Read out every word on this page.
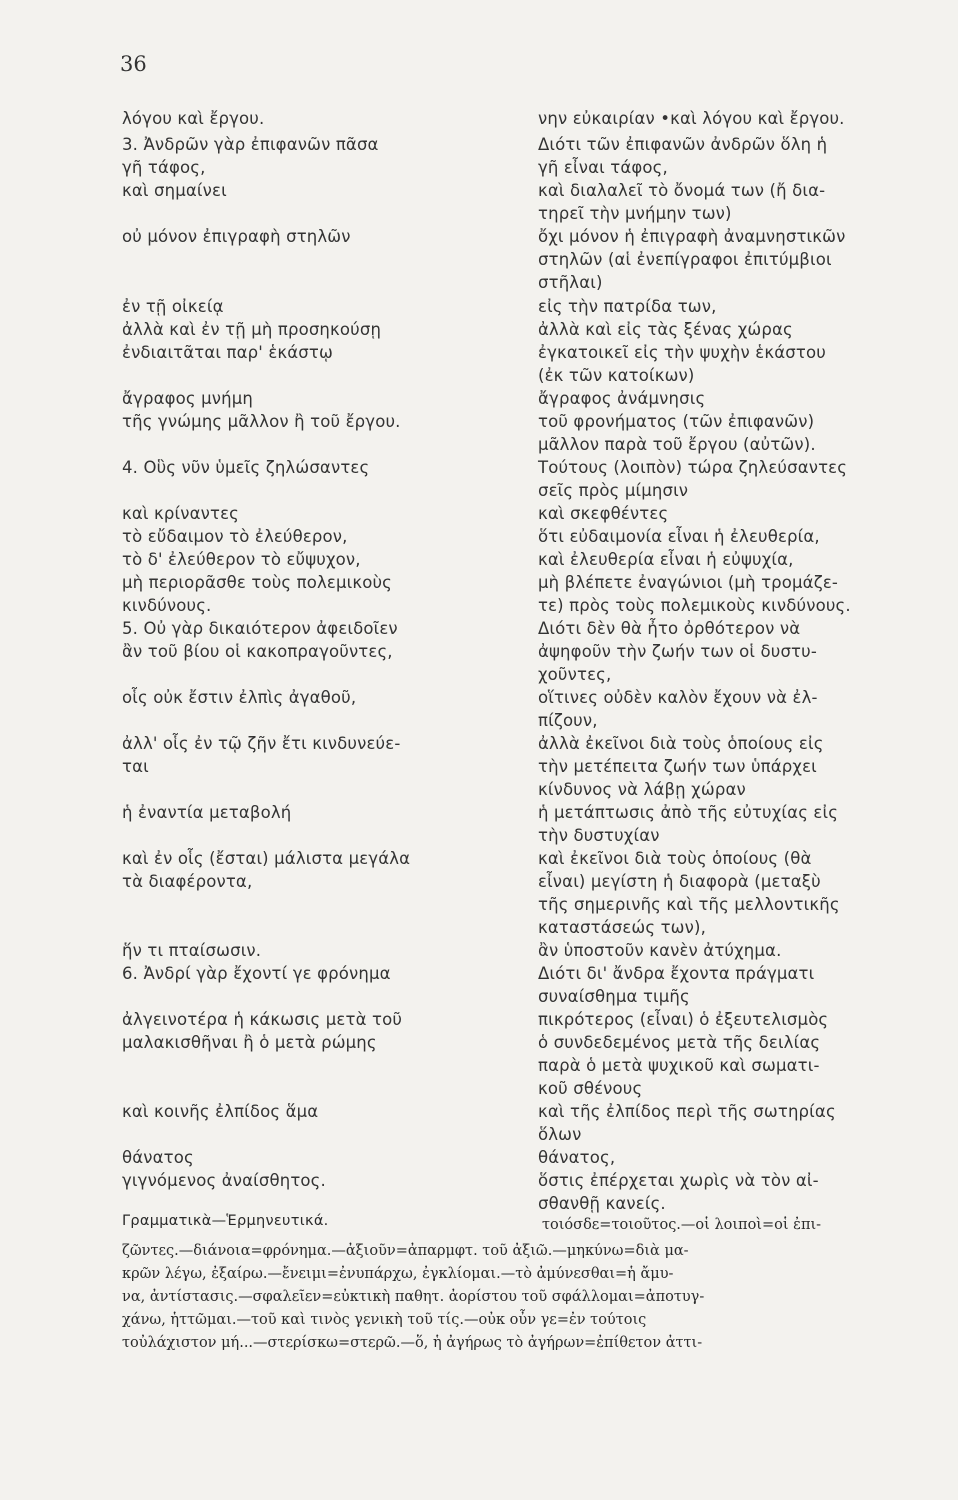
36
λόγου καὶ ἔργου.
3. Ἀνδρῶν γὰρ ἐπιφανῶν πᾶσα
γῆ τάφος,
καὶ σημαίνει
οὐ μόνον ἐπιγραφὴ στηλῶν
ἐν τῇ οἰκείᾳ
ἀλλὰ καὶ ἐν τῇ μὴ προσηκούσῃ
ἐνδιαιτᾶται παρ' ἑκάστῳ
ἄγραφος μνήμη
τῆς γνώμης μᾶλλον ἢ τοῦ ἔργου.
4. Οὓς νῦν ὑμεῖς ζηλώσαντες
καὶ κρίναντες
τὸ εὔδαιμον τὸ ἐλεύθερον,
τὸ δ' ἐλεύθερον τὸ εὔψυχον,
μὴ περιορᾶσθε τοὺς πολεμικοὺς
κινδύνους.
5. Οὐ γὰρ δικαιότερον ἀφειδοῖεν
ἂν τοῦ βίου οἱ κακοπραγοῦντες,
οἷς οὐκ ἔστιν ἐλπὶς ἀγαθοῦ,
ἀλλ' οἷς ἐν τῷ ζῆν ἔτι κινδυνεύε-
ται
ἡ ἐναντία μεταβολή
καὶ ἐν οἷς (ἔσται) μάλιστα μεγάλα
τὰ διαφέροντα,
ἥν τι πταίσωσιν.
6. Ἀνδρί γὰρ ἔχοντί γε φρόνημα
ἀλγεινοτέρα ἡ κάκωσις μετὰ τοῦ
μαλακισθῆναι ἢ ὁ μετὰ ρώμης
καὶ κοινῆς ἐλπίδος ἅμα
θάνατος
γιγνόμενος ἀναίσθητος.
νην εὐκαιρίαν •καὶ λόγου καὶ ἔργου.
Διότι τῶν ἐπιφανῶν ἀνδρῶν ὅλη ἡ
γῆ εἶναι τάφος,
καὶ διαλαλεῖ τὸ ὄνομά των (ἤ δια-
τηρεῖ τὴν μνήμην των)
ὄχι μόνον ἡ ἐπιγραφὴ ἀναμνηστικῶν
στηλῶν (αἱ ἐνεπίγραφοι ἐπιτύμβιοι
στῆλαι)
εἰς τὴν πατρίδα των,
ἀλλὰ καὶ εἰς τὰς ξένας χώρας
ἐγκατοικεῖ εἰς τὴν ψυχὴν ἑκάστου
(ἐκ τῶν κατοίκων)
ἄγραφος ἀνάμνησις
τοῦ φρονήματος (τῶν ἐπιφανῶν)
μᾶλλον παρὰ τοῦ ἔργου (αὐτῶν).
Τούτους (λοιπὸν) τώρα ζηλεύσαντες
σεῖς πρὸς μίμησιν
καὶ σκεφθέντες
ὅτι εὐδαιμονία εἶναι ἡ ἐλευθερία,
καὶ ἐλευθερία εἶναι ἡ εὐψυχία,
μὴ βλέπετε ἐναγώνιοι (μὴ τρομάζε-
τε) πρὸς τοὺς πολεμικοὺς κινδύνους.
Διότι δὲν θὰ ἦτο ὀρθότερον νὰ
ἀψηφοῦν τὴν ζωήν των οἱ δυστυ-
χοῦντες,
οἵτινες οὐδὲν καλὸν ἔχουν νὰ ἐλ-
πίζουν,
ἀλλὰ ἐκεῖνοι διὰ τοὺς ὁποίους εἰς
τὴν μετέπειτα ζωήν των ὑπάρχει
κίνδυνος νὰ λάβῃ χώραν
ἡ μετάπτωσις ἀπὸ τῆς εὐτυχίας εἰς
τὴν δυστυχίαν
καὶ ἐκεῖνοι διὰ τοὺς ὁποίους (θὰ
εἶναι) μεγίστη ἡ διαφορὰ (μεταξὺ
τῆς σημερινῆς καὶ τῆς μελλοντικῆς
καταστάσεώς των),
ἂν ὑποστοῦν κανὲν ἀτύχημα.
Διότι δι' ἄνδρα ἔχοντα πράγματι
συναίσθημα τιμῆς
πικρότερος (εἶναι) ὁ ἐξευτελισμὸς
ὁ συνδεδεμένος μετὰ τῆς δειλίας
παρὰ ὁ μετὰ ψυχικοῦ καὶ σωματι-
κοῦ σθένους
καὶ τῆς ἐλπίδος περὶ τῆς σωτηρίας
ὅλων
θάνατος,
ὅστις ἐπέρχεται χωρὶς νὰ τὸν αἰ-
σθανθῇ κανείς.
Γραμματικὰ—Ἑρμηνευτικά.	τοιόσδε=τοιοῦτος.—οἱ λοιποὶ=οἱ ἐπι-
ζῶντες.—διάνοια=φρόνημα.—ἀξιοῦν=ἀπαρμφτ. τοῦ ἀξιῶ.—μηκύνω=διὰ μα-
κρῶν λέγω, ἐξαίρω.—ἔνειμι=ἐνυπάρχω, ἐγκλίομαι.—τὸ ἀμύνεσθαι=ἡ ἄμυ-
να, ἀντίστασις.—σφαλεῖεν=εὐκτικὴ παθητ. ἀορίστου τοῦ σφάλλομαι=ἀποτυγ-
χάνω, ἡττῶμαι.—τοῦ καὶ τινὸς γενικὴ τοῦ τίς.—οὐκ οὖν γε=ἐν τούτοις
τοὐλάχιστον μή...—στερίσκω=στερῶ.—ὅ, ἡ ἀγήρως τὸ ἀγήρων=ἐπίθετον ἀττι-
